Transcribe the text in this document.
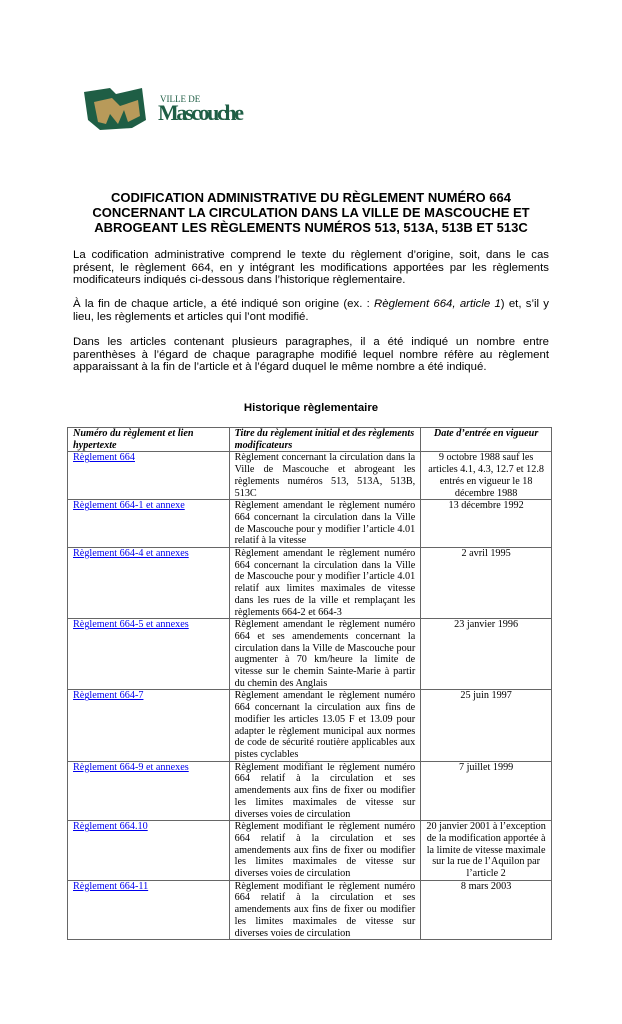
VILLE DE
Mascouche
CODIFICATION ADMINISTRATIVE DU RÈGLEMENT NUMÉRO 664 CONCERNANT LA CIRCULATION DANS LA VILLE DE MASCOUCHE ET ABROGEANT LES RÈGLEMENTS NUMÉROS 513, 513A, 513B ET 513C
La codification administrative comprend le texte du règlement d’origine, soit, dans le cas présent, le règlement 664, en y intégrant les modifications apportées par les règlements modificateurs indiqués ci-dessous dans l’historique règlementaire.
À la fin de chaque article, a été indiqué son origine (ex. : Règlement 664, article 1) et, s’il y lieu, les règlements et articles qui l’ont modifié.
Dans les articles contenant plusieurs paragraphes, il a été indiqué un nombre entre parenthèses à l’égard de chaque paragraphe modifié lequel nombre réfère au règlement apparaissant à la fin de l’article et à l’égard duquel le même nombre a été indiqué.
Historique règlementaire
Numéro du règlement et lien hypertexte	Titre du règlement initial et des règlements modificateurs	Date d’entrée en vigueur
Règlement 664	Règlement concernant la circulation dans la Ville de Mascouche et abrogeant les règlements numéros 513, 513A, 513B, 513C	9 octobre 1988 sauf les articles 4.1, 4.3, 12.7 et 12.8 entrés en vigueur le 18 décembre 1988
Règlement 664-1 et annexe	Règlement amendant le règlement numéro 664 concernant la circulation dans la Ville de Mascouche pour y modifier l’article 4.01 relatif à la vitesse	13 décembre 1992
Règlement 664-4 et annexes	Règlement amendant le règlement numéro 664 concernant la circulation dans la Ville de Mascouche pour y modifier l’article 4.01 relatif aux limites maximales de vitesse dans les rues de la ville et remplaçant les règlements 664-2 et 664-3	2 avril 1995
Règlement 664-5 et annexes	Règlement amendant le règlement numéro 664 et ses amendements concernant la circulation dans la Ville de Mascouche pour augmenter à 70 km/heure la limite de vitesse sur le chemin Sainte-Marie à partir du chemin des Anglais	23 janvier 1996
Règlement 664-7	Règlement amendant le règlement numéro 664 concernant la circulation aux fins de modifier les articles 13.05 F et 13.09 pour adapter le règlement municipal aux normes de code de sécurité routière applicables aux pistes cyclables	25 juin 1997
Règlement 664-9 et annexes	Règlement modifiant le règlement numéro 664 relatif à la circulation et ses amendements aux fins de fixer ou modifier les limites maximales de vitesse sur diverses voies de circulation	7 juillet 1999
Règlement 664.10	Règlement modifiant le règlement numéro 664 relatif à la circulation et ses amendements aux fins de fixer ou modifier les limites maximales de vitesse sur diverses voies de circulation	20 janvier 2001 à l’exception de la modification apportée à la limite de vitesse maximale sur la rue de l’Aquilon par l’article 2
Règlement 664-11	Règlement modifiant le règlement numéro 664 relatif à la circulation et ses amendements aux fins de fixer ou modifier les limites maximales de vitesse sur diverses voies de circulation	8 mars 2003
